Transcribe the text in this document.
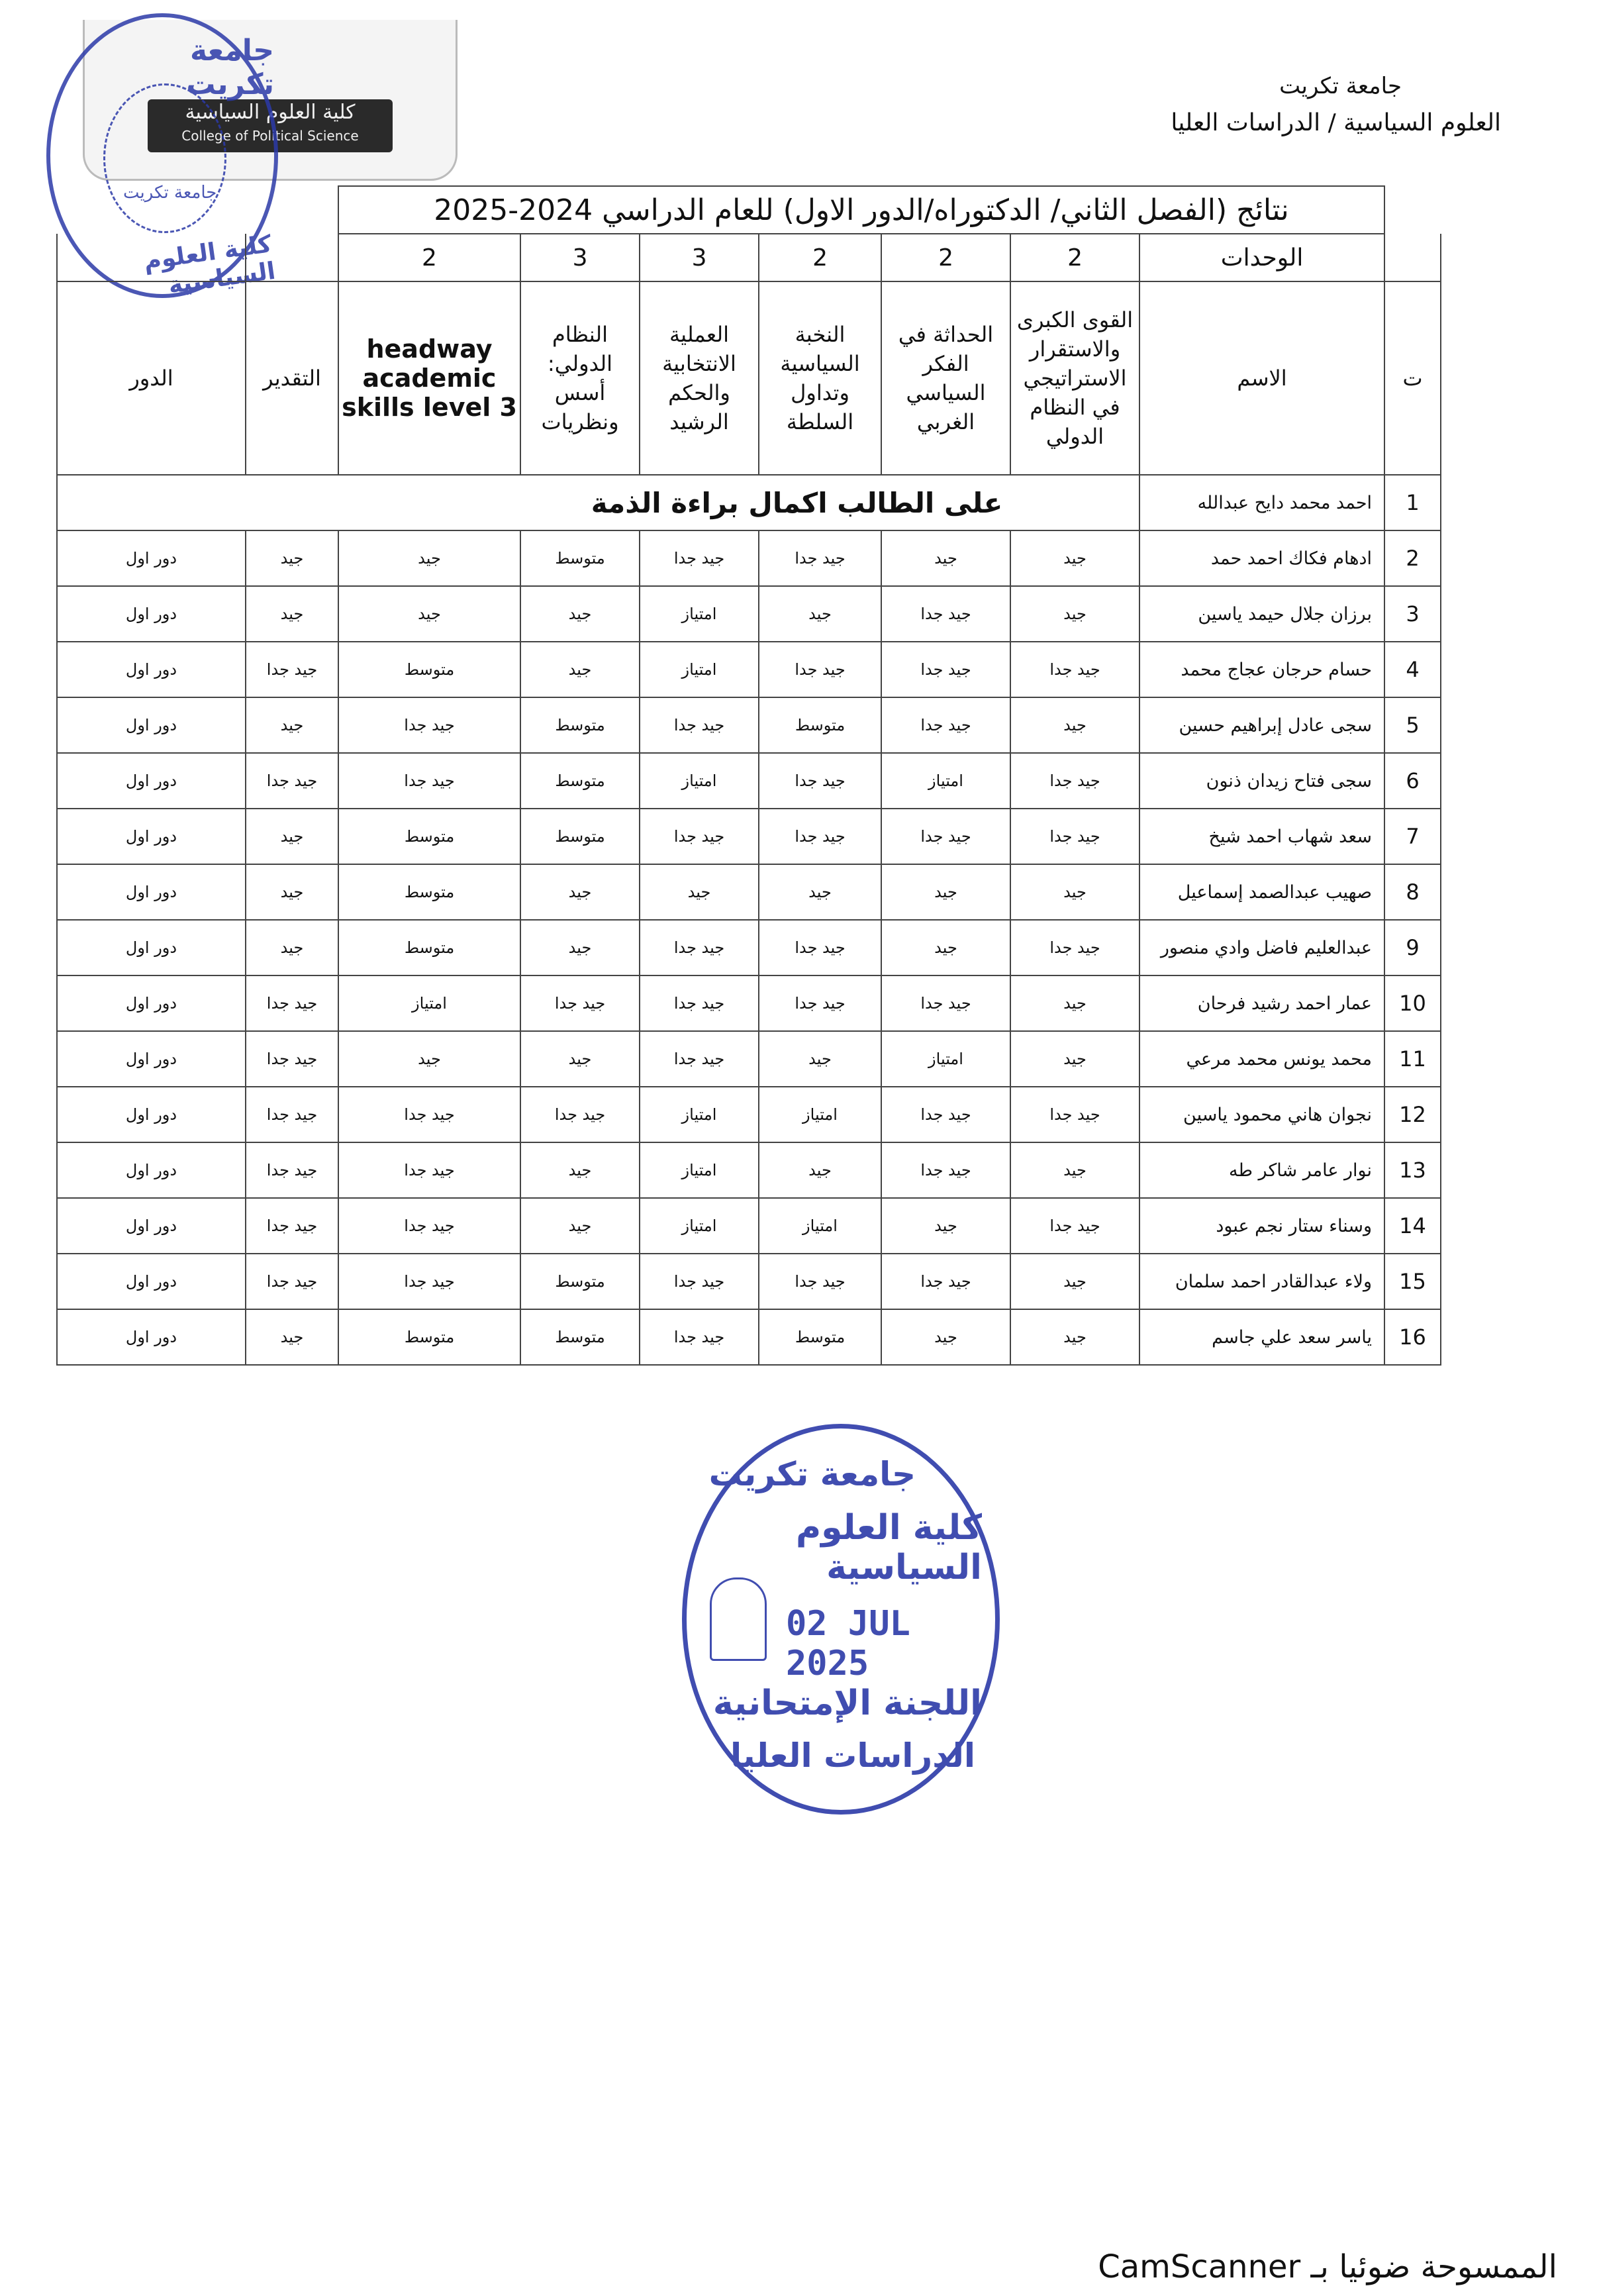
كلية العلوم السياسية
College of Political Science
جامعة تكريت
جامعة تكريت
كلية العلوم السياسية
جامعة تكريت
العلوم السياسية / الدراسات العليا
	نتائج (الفصل الثاني/ الدكتوراه/الدور الاول) للعام الدراسي 2024-2025								
	الوحدات	2	2	2	3	3	2		
ت	الاسم	القوى الكبرى والاستقرار الاستراتيجي في النظام الدولي	الحداثة في الفكر السياسي الغربي	النخبة السياسية وتداول السلطة	العملية الانتخابية والحكم الرشيد	النظام الدولي: أسس ونظريات	headway academic skills level 3	التقدير	الدور
1	احمد محمد دايح عبدالله	على الطالب اكمال براءة الذمة							
2	ادهام فكاك احمد حمد	جيد	جيد	جيد جدا	جيد جدا	متوسط	جيد	جيد	دور اول
3	برزان جلال حيمد ياسين	جيد	جيد جدا	جيد	امتياز	جيد	جيد	جيد	دور اول
4	حسام حرجان عجاج محمد	جيد جدا	جيد جدا	جيد جدا	امتياز	جيد	متوسط	جيد جدا	دور اول
5	سجى عادل إبراهيم حسين	جيد	جيد جدا	متوسط	جيد جدا	متوسط	جيد جدا	جيد	دور اول
6	سجى فتاح زيدان ذنون	جيد جدا	امتياز	جيد جدا	امتياز	متوسط	جيد جدا	جيد جدا	دور اول
7	سعد شهاب احمد شيخ	جيد جدا	جيد جدا	جيد جدا	جيد جدا	متوسط	متوسط	جيد	دور اول
8	صهيب عبدالصمد إسماعيل	جيد	جيد	جيد	جيد	جيد	متوسط	جيد	دور اول
9	عبدالعليم فاضل وادي منصور	جيد جدا	جيد	جيد جدا	جيد جدا	جيد	متوسط	جيد	دور اول
10	عمار احمد رشيد فرحان	جيد	جيد جدا	جيد جدا	جيد جدا	جيد جدا	امتياز	جيد جدا	دور اول
11	محمد يونس محمد مرعي	جيد	امتياز	جيد	جيد جدا	جيد	جيد	جيد جدا	دور اول
12	نجوان هاني محمود ياسين	جيد جدا	جيد جدا	امتياز	امتياز	جيد جدا	جيد جدا	جيد جدا	دور اول
13	نوار عامر شاكر طه	جيد	جيد جدا	جيد	امتياز	جيد	جيد جدا	جيد جدا	دور اول
14	وسناء ستار نجم عبود	جيد جدا	جيد	امتياز	امتياز	جيد	جيد جدا	جيد جدا	دور اول
15	ولاء عبدالقادر احمد سلمان	جيد	جيد جدا	جيد جدا	جيد جدا	متوسط	جيد جدا	جيد جدا	دور اول
16	ياسر سعد علي جاسم	جيد	جيد	متوسط	جيد جدا	متوسط	متوسط	جيد	دور اول
جامعة تكريت
كلية العلوم السياسية
02 JUL 2025
اللجنة الإمتحانية
الدراسات العليا
الممسوحة ضوئيا بـ CamScanner
